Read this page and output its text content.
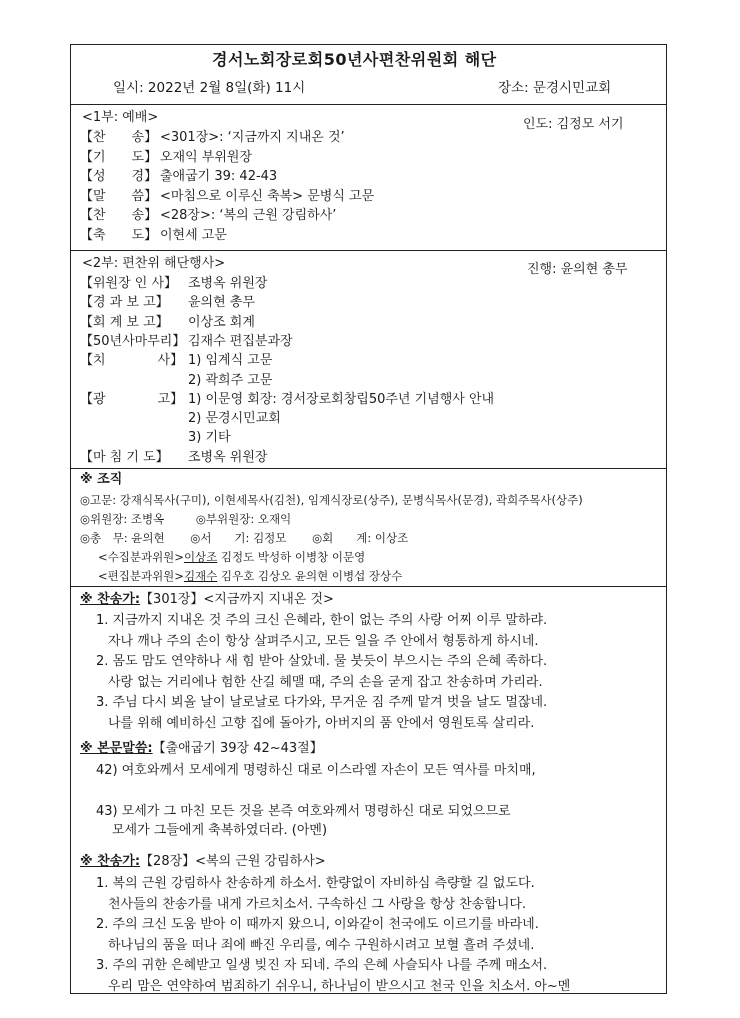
경서노회장로회50년사편찬위원회 해단
일시: 2022년 2월 8일(화) 11시	장소: 문경시민교회
<1부: 예배>	인도: 김정모 서기
【찬　　송】 <301장>: ‘지금까지 지내온 것’
【기　　도】 오재익 부위원장
【성　　경】 출애굽기 39: 42-43
【말　　씀】 <마침으로 이루신 축복> 문병식 고문
【찬　　송】 <28장>: ‘복의 근원 강림하사’
【축　　도】 이현세 고문
<2부: 편찬위 해단행사>	진행: 윤의현 총무
【위원장 인 사】 조병옥 위원장
【경 과 보 고】 윤의현 총무
【회 계 보 고】 이상조 회계
【50년사마무리】 김재수 편집분과장
【치　　　　사】 1) 임계식 고문
2) 곽희주 고문
【광　　　　고】 1) 이문영 회장: 경서장로회창립50주년 기념행사 안내
2) 문경시민교회
3) 기타
【마 침 기 도】 조병옥 위원장
※ 조직
◎고문: 강재식목사(구미), 이현세목사(김천), 임계식장로(상주), 문병식목사(문경), 곽희주목사(상주)
◎위원장: 조병옥	◎부위원장: 오재익
◎총　무: 윤의현 ◎서　　기: 김정모 ◎회　　계: 이상조
<수집분과위원>이상조 김정도 박성하 이병창 이문영
<편집분과위원>김재수 김우호 김상오 윤의현 이병섭 장상수
※ 찬송가:【301장】<지금까지 지내온 것>
1. 지금까지 지내온 것 주의 크신 은혜라, 한이 없는 주의 사랑 어찌 이루 말하랴.
자나 깨나 주의 손이 항상 살펴주시고, 모든 일을 주 안에서 형통하게 하시네.
2. 몸도 맘도 연약하나 새 힘 받아 살았네. 물 붓듯이 부으시는 주의 은혜 족하다.
사랑 없는 거리에나 험한 산길 헤맬 때, 주의 손을 굳게 잡고 찬송하며 가리라.
3. 주님 다시 뵈올 날이 날로날로 다가와, 무거운 짐 주께 맡겨 벗을 날도 멀잖네.
나를 위해 예비하신 고향 집에 돌아가, 아버지의 품 안에서 영원토록 살리라.
※ 본문말씀:【출애굽기 39장 42~43절】
42) 여호와께서 모세에게 명령하신 대로 이스라엘 자손이 모든 역사를 마치매,
43) 모세가 그 마친 모든 것을 본즉 여호와께서 명령하신 대로 되었으므로
모세가 그들에게 축복하였더라. (아멘)
※ 찬송가:【28장】<복의 근원 강림하사>
1. 복의 근원 강림하사 찬송하게 하소서. 한량없이 자비하심 측량할 길 없도다.
천사들의 찬송가를 내게 가르치소서. 구속하신 그 사랑을 항상 찬송합니다.
2. 주의 크신 도움 받아 이 때까지 왔으니, 이와같이 천국에도 이르기를 바라네.
하나님의 품을 떠나 죄에 빠진 우리를, 예수 구원하시려고 보혈 흘려 주셨네.
3. 주의 귀한 은혜받고 일생 빚진 자 되네. 주의 은혜 사슬되사 나를 주께 매소서.
우리 맘은 연약하여 범죄하기 쉬우니, 하나님이 받으시고 천국 인을 치소서. 아~멘
